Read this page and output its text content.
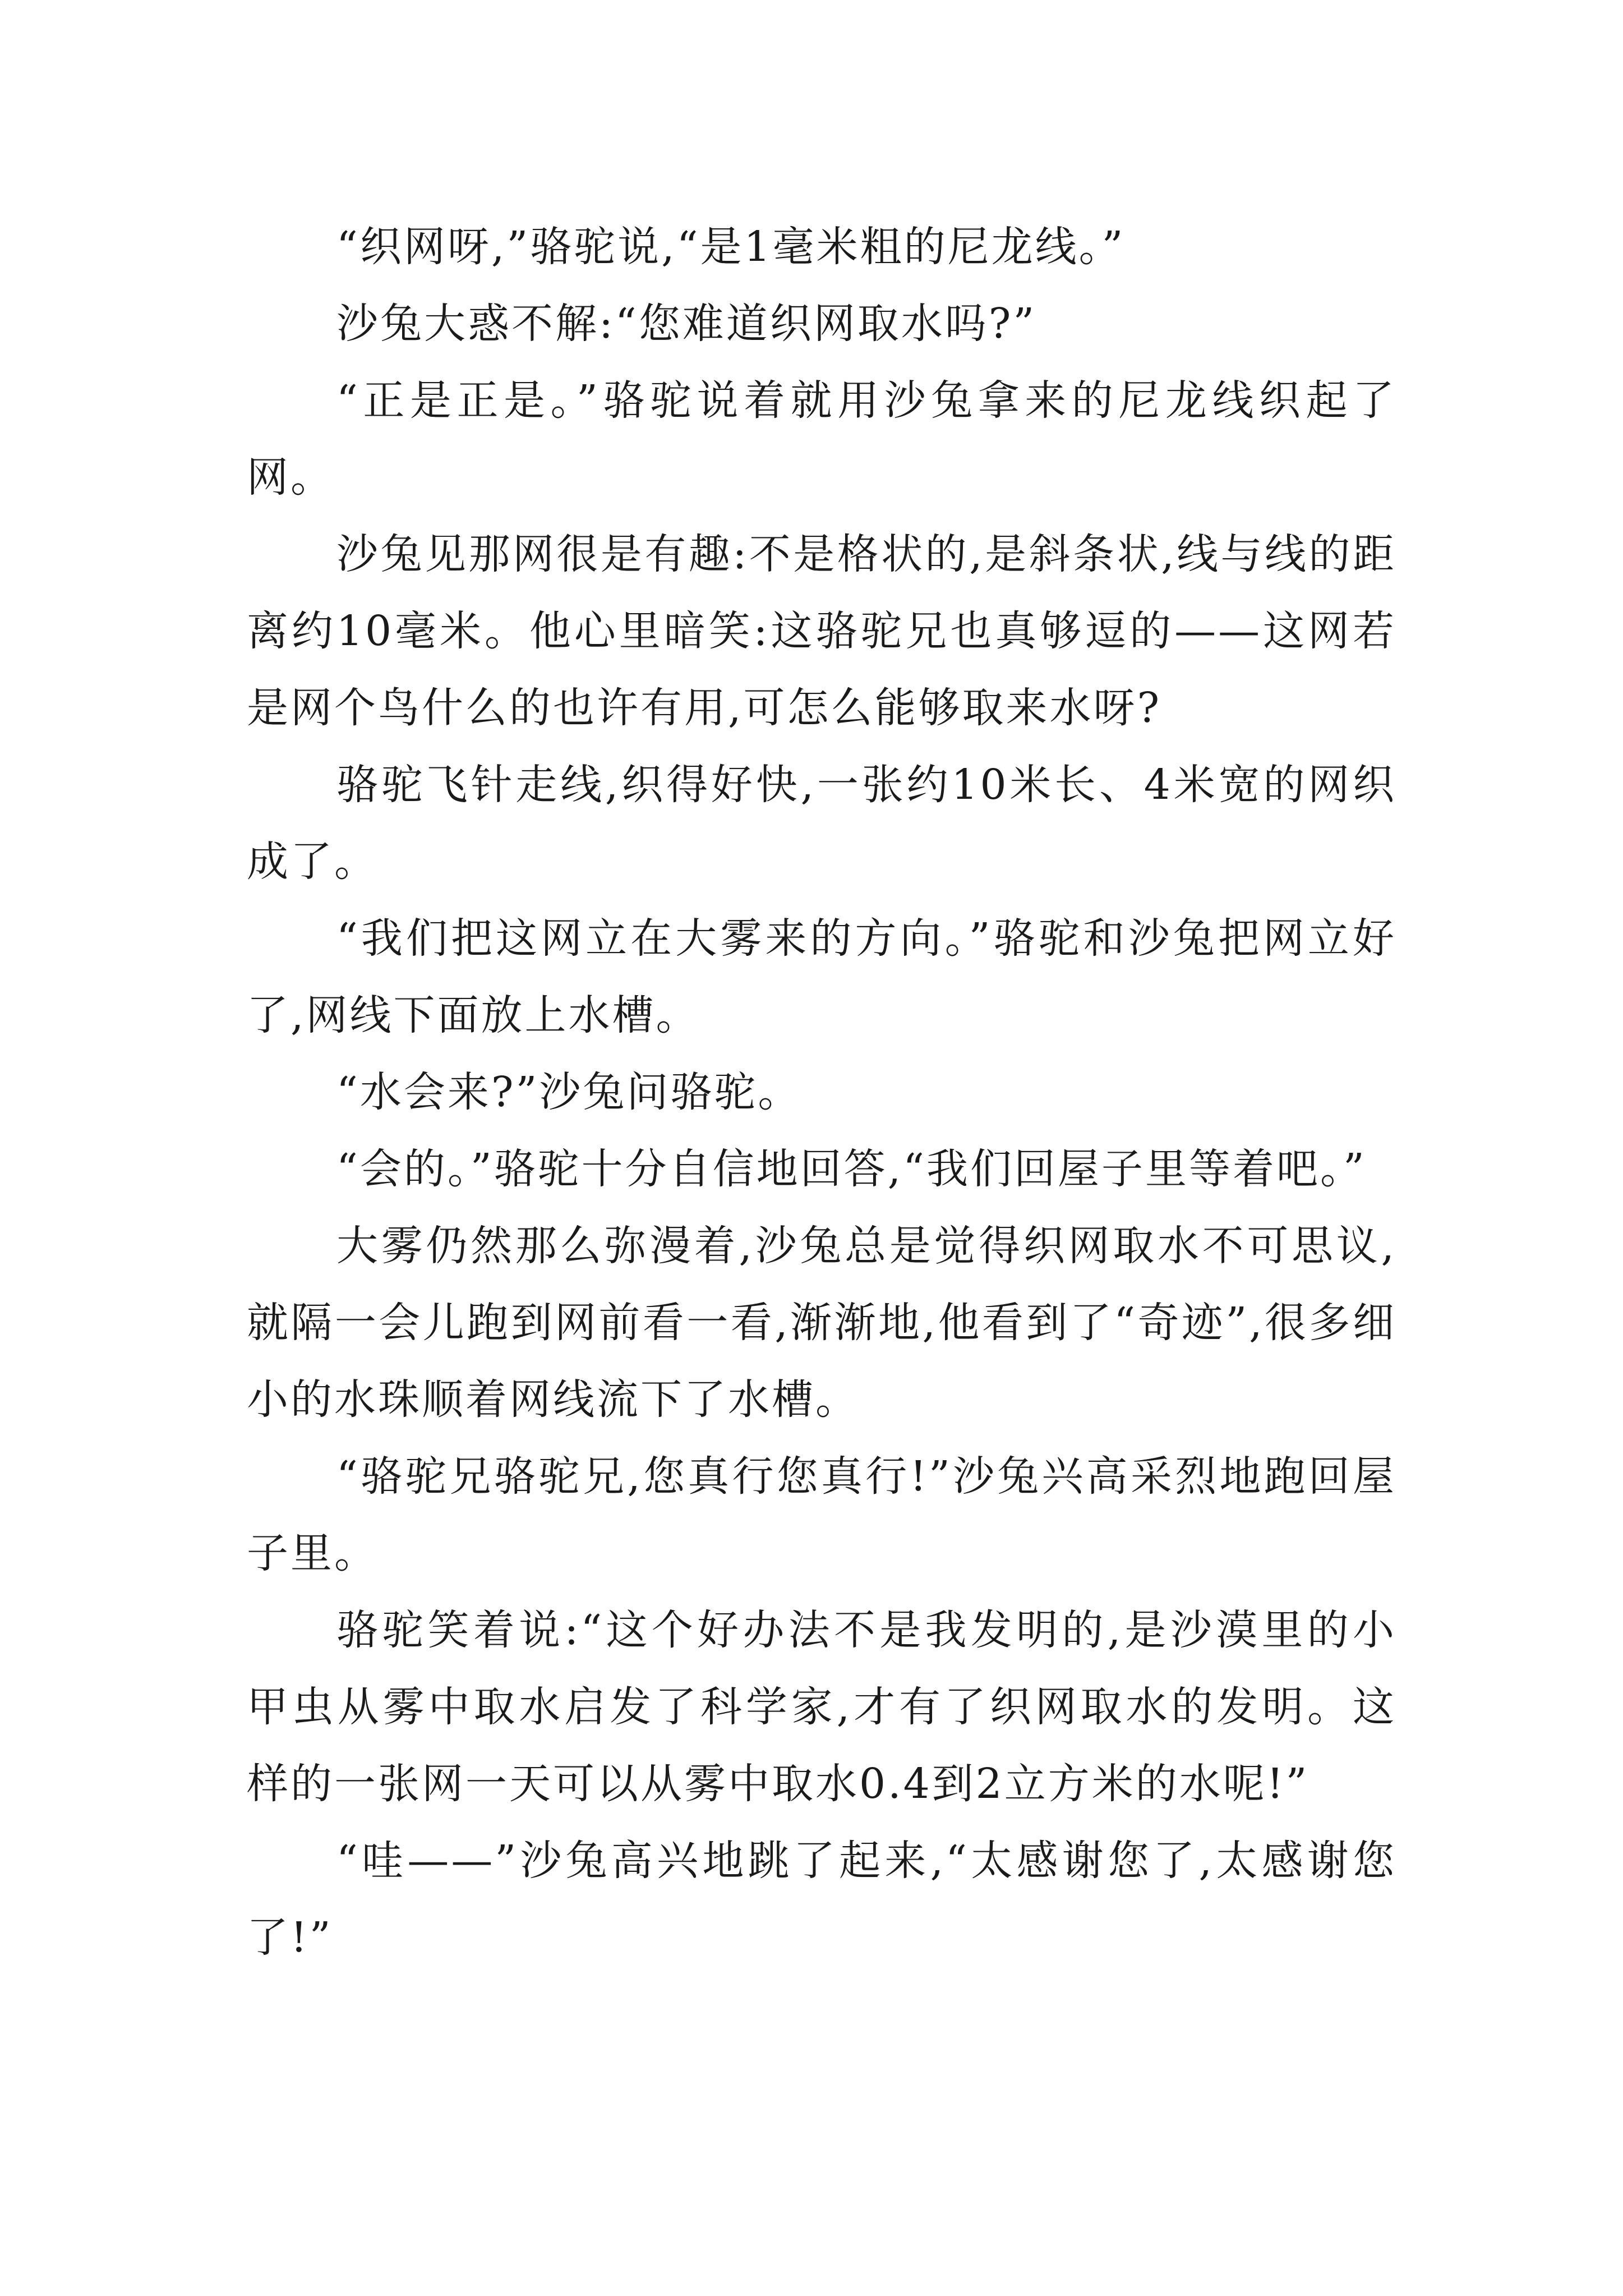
“织网呀,”骆驼说,“是1毫米粗的尼龙线。”

沙兔大惑不解:“您难道织网取水吗?”

“正是正是。”骆驼说着就用沙兔拿来的尼龙线织起了网。

沙兔见那网很是有趣:不是格状的,是斜条状,线与线的距离约10毫米。他心里暗笑:这骆驼兄也真够逗的——这网若是网个鸟什么的也许有用,可怎么能够取来水呀?

骆驼飞针走线,织得好快,一张约10米长、4米宽的网织成了。

“我们把这网立在大雾来的方向。”骆驼和沙兔把网立好了,网线下面放上水槽。

“水会来?”沙兔问骆驼。

“会的。”骆驼十分自信地回答,“我们回屋子里等着吧。”

大雾仍然那么弥漫着,沙兔总是觉得织网取水不可思议,就隔一会儿跑到网前看一看,渐渐地,他看到了“奇迹”,很多细小的水珠顺着网线流下了水槽。

“骆驼兄骆驼兄,您真行您真行!”沙兔兴高采烈地跑回屋子里。

骆驼笑着说:“这个好办法不是我发明的,是沙漠里的小甲虫从雾中取水启发了科学家,才有了织网取水的发明。这样的一张网一天可以从雾中取水0.4到2立方米的水呢!”

“哇——”沙兔高兴地跳了起来,“太感谢您了,太感谢您了!”
